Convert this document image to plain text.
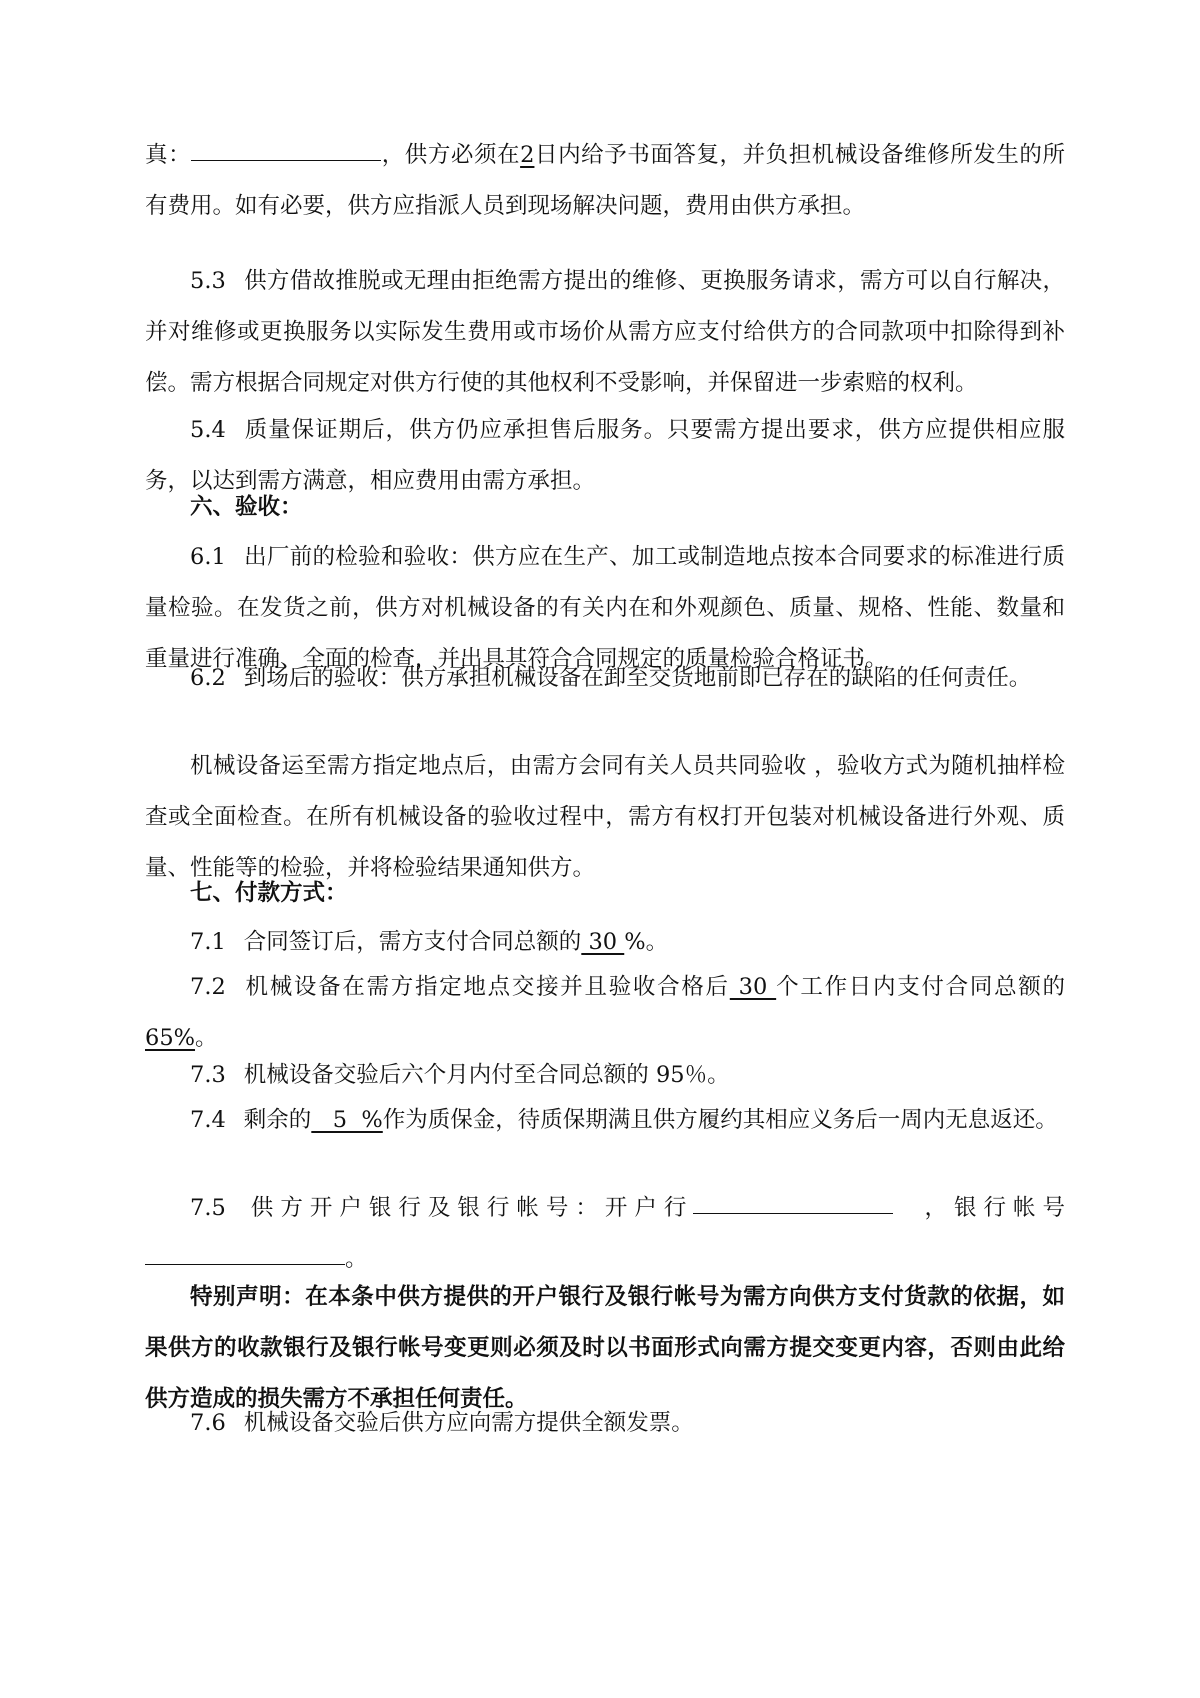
真：	，供方必须在2日内给予书面答复，并负担机械设备维修所发生的所有费用。如有必要，供方应指派人员到现场解决问题，费用由供方承担。

5.3 供方借故推脱或无理由拒绝需方提出的维修、更换服务请求，需方可以自行解决，并对维修或更换服务以实际发生费用或市场价从需方应支付给供方的合同款项中扣除得到补偿。需方根据合同规定对供方行使的其他权利不受影响，并保留进一步索赔的权利。

5.4 质量保证期后，供方仍应承担售后服务。只要需方提出要求，供方应提供相应服务，以达到需方满意，相应费用由需方承担。

六、验收：

6.1 出厂前的检验和验收：供方应在生产、加工或制造地点按本合同要求的标准进行质量检验。在发货之前，供方对机械设备的有关内在和外观颜色、质量、规格、性能、数量和重量进行准确、全面的检查，并出具其符合合同规定的质量检验合格证书。

6.2 到场后的验收：供方承担机械设备在卸至交货地前即已存在的缺陷的任何责任。

机械设备运至需方指定地点后，由需方会同有关人员共同验收 ，验收方式为随机抽样检查或全面检查。在所有机械设备的验收过程中，需方有权打开包装对机械设备进行外观、质量、性能等的检验，并将检验结果通知供方。

七、付款方式：

7.1 合同签订后，需方支付合同总额的 30 %。

7.2 机械设备在需方指定地点交接并且验收合格后 30 个工作日内支付合同总额的 65%。

7.3 机械设备交验后六个月内付至合同总额的 95％。

7.4 剩余的   5  %作为质保金，待质保期满且供方履约其相应义务后一周内无息返还。

7.5 供方开户银行及银行帐号：开户行	，银行帐号。

特别声明：在本条中供方提供的开户银行及银行帐号为需方向供方支付货款的依据，如果供方的收款银行及银行帐号变更则必须及时以书面形式向需方提交变更内容，否则由此给供方造成的损失需方不承担任何责任。

7.6 机械设备交验后供方应向需方提供全额发票。
